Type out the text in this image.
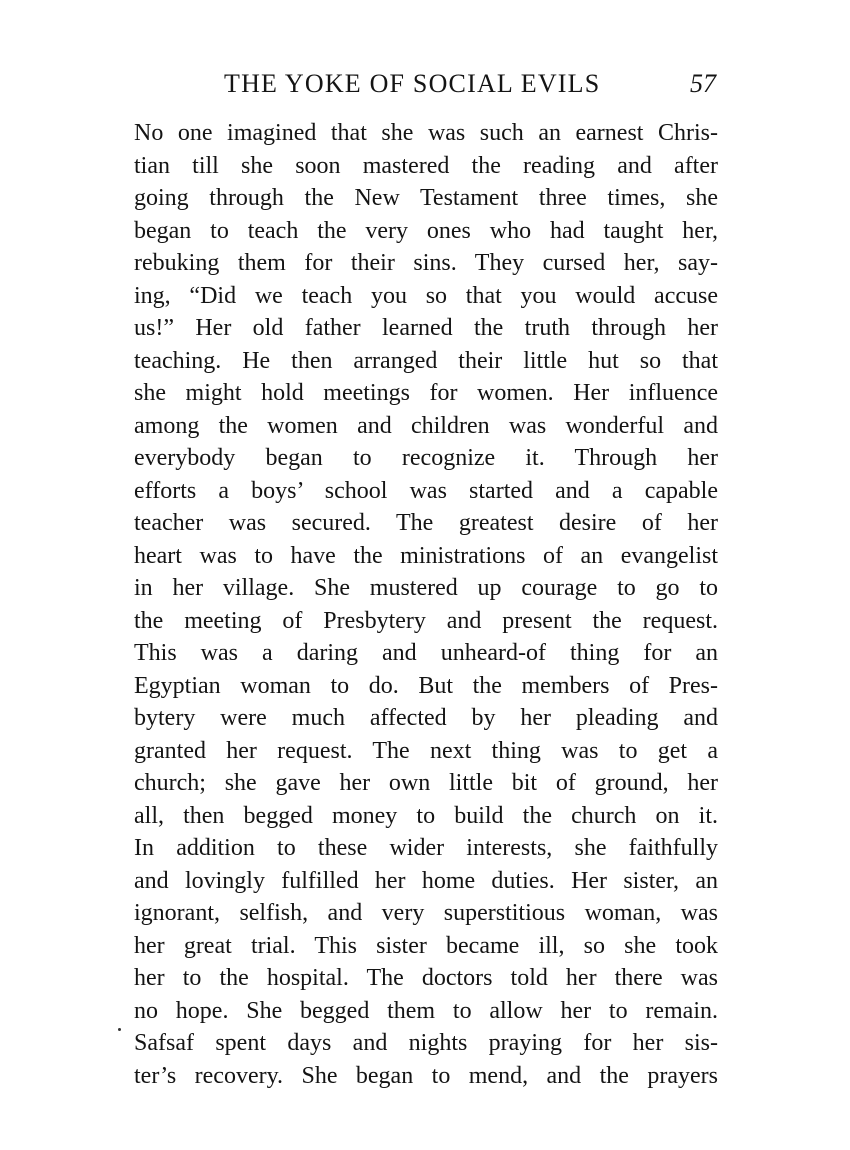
THE YOKE OF SOCIAL EVILS	57
No one imagined that she was such an earnest Chris-
tian till she soon mastered the reading and after
going through the New Testament three times, she
began to teach the very ones who had taught her,
rebuking them for their sins. They cursed her, say-
ing, “Did we teach you so that you would accuse
us!” Her old father learned the truth through her
teaching. He then arranged their little hut so that
she might hold meetings for women. Her influence
among the women and children was wonderful and
everybody began to recognize it. Through her
efforts a boys’ school was started and a capable
teacher was secured. The greatest desire of her
heart was to have the ministrations of an evangelist
in her village. She mustered up courage to go to
the meeting of Presbytery and present the request.
This was a daring and unheard-of thing for an
Egyptian woman to do. But the members of Pres-
bytery were much affected by her pleading and
granted her request. The next thing was to get a
church; she gave her own little bit of ground, her
all, then begged money to build the church on it.
In addition to these wider interests, she faithfully
and lovingly fulfilled her home duties. Her sister, an
ignorant, selfish, and very superstitious woman, was
her great trial. This sister became ill, so she took
her to the hospital. The doctors told her there was
no hope. She begged them to allow her to remain.
Safsaf spent days and nights praying for her sis-
ter’s recovery. She began to mend, and the prayers
